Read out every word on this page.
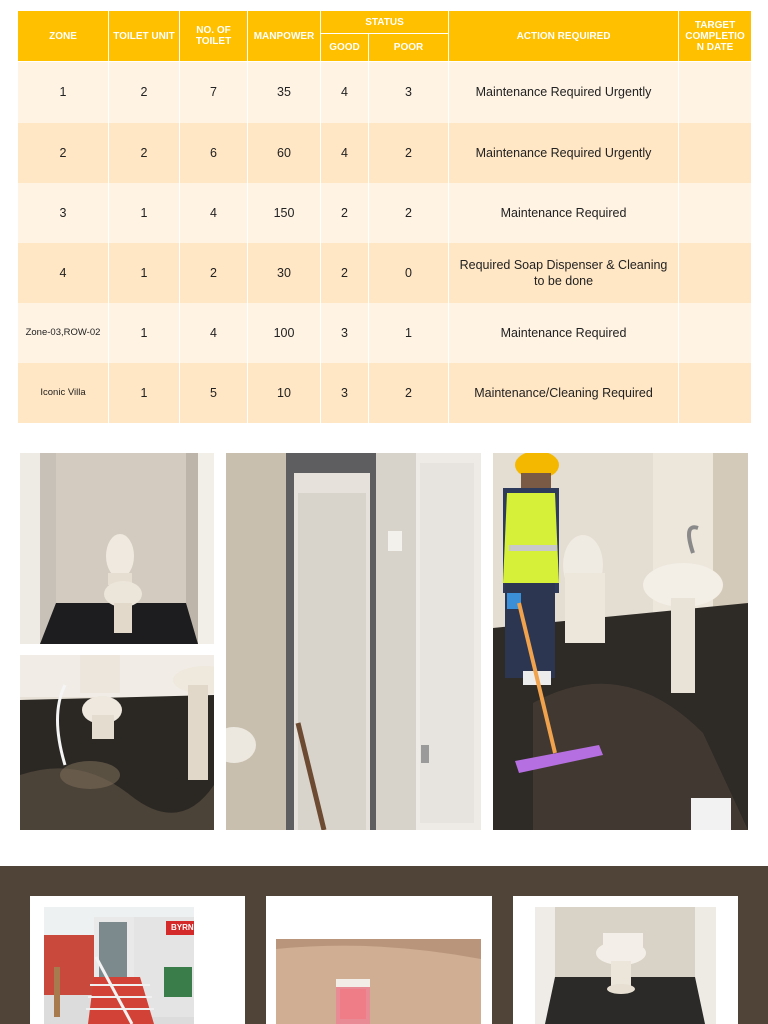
ZONE	TOILET UNIT	NO. OF TOILET	MANPOWER	STATUS		ACTION REQUIRED	TARGET COMPLETIO N DATE
				GOOD	POOR		
1	2	7	35	4	3	Maintenance Required Urgently	
2	2	6	60	4	2	Maintenance Required Urgently	
3	1	4	150	2	2	Maintenance Required	
4	1	2	30	2	0	Required Soap Dispenser & Cleaning to be done	
Zone-03,ROW-02	1	4	100	3	1	Maintenance Required	
Iconic Villa	1	5	10	3	2	Maintenance/Cleaning Required	
BYRN
